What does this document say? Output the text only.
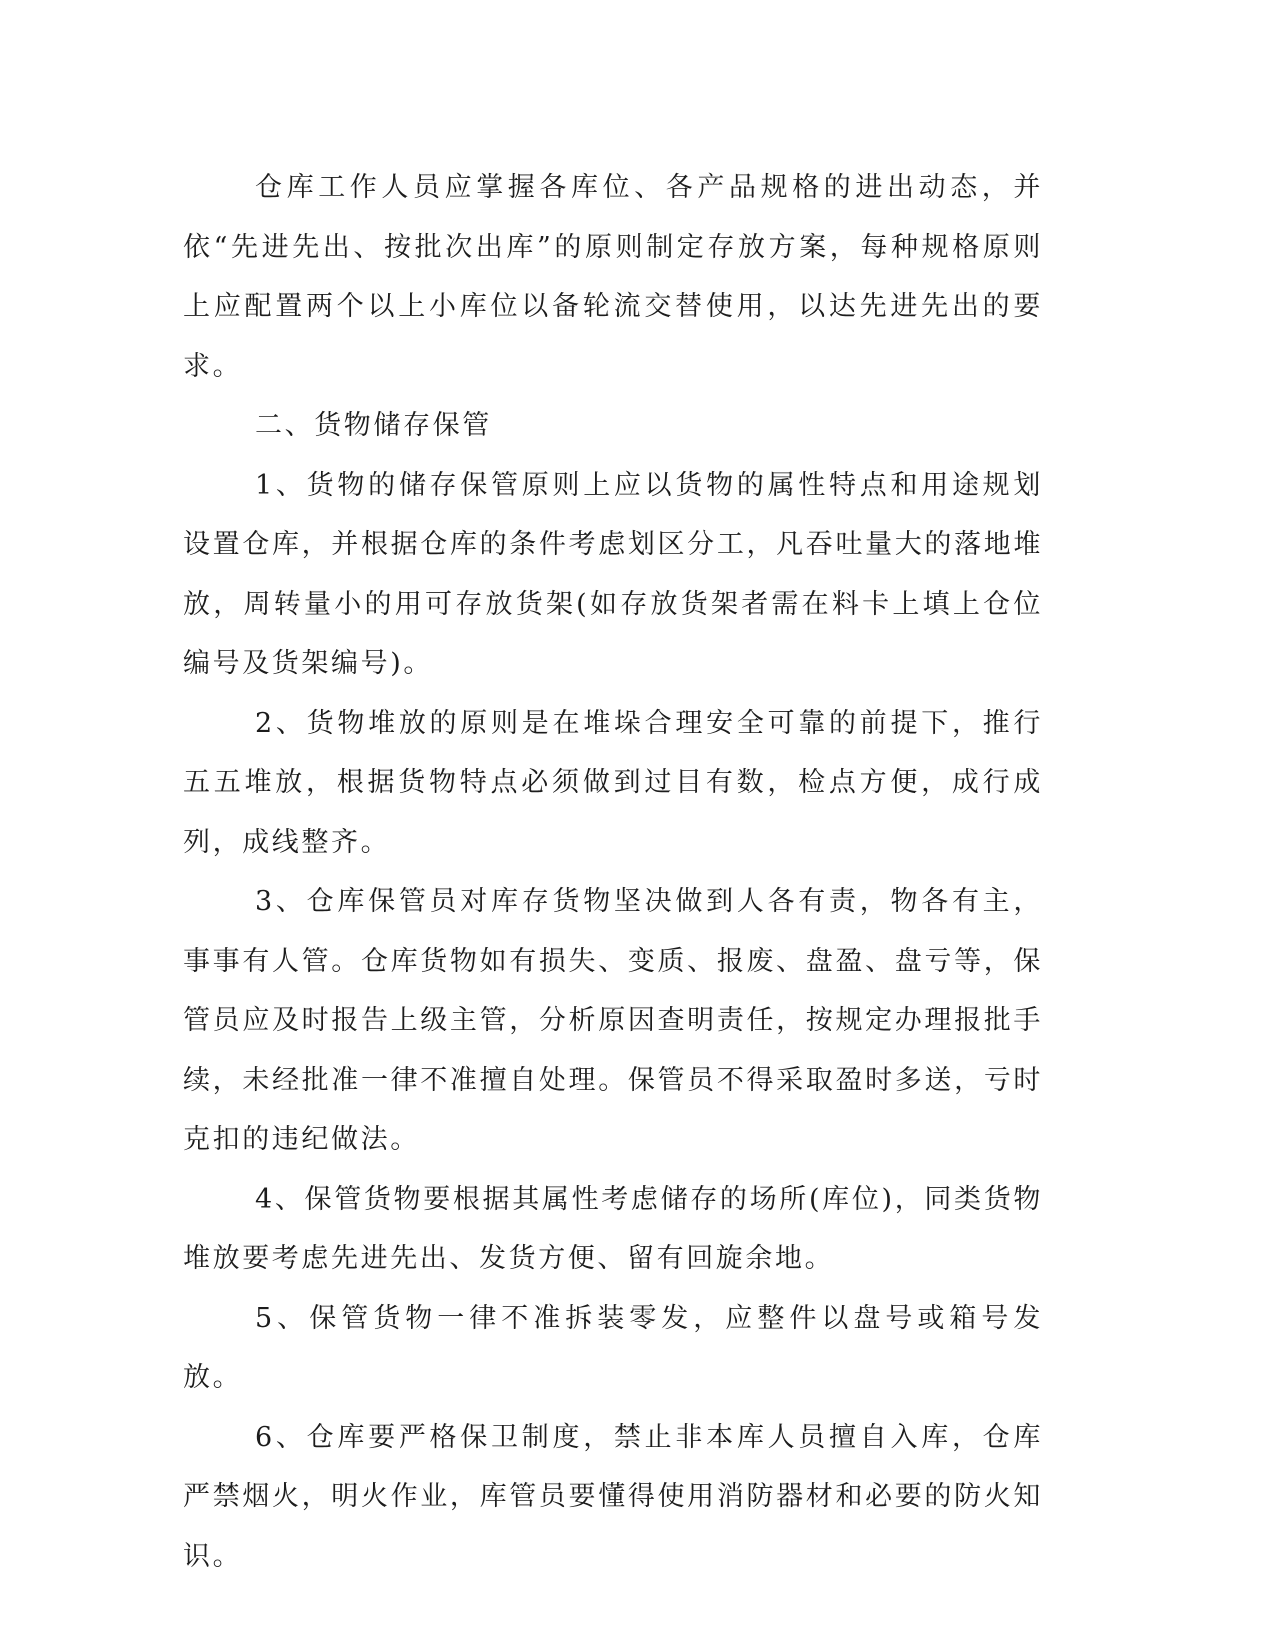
仓库工作人员应掌握各库位、各产品规格的进出动态，并依“先进先出、按批次出库”的原则制定存放方案，每种规格原则上应配置两个以上小库位以备轮流交替使用，以达先进先出的要求。

二、货物储存保管

1、货物的储存保管原则上应以货物的属性特点和用途规划设置仓库，并根据仓库的条件考虑划区分工，凡吞吐量大的落地堆放，周转量小的用可存放货架(如存放货架者需在料卡上填上仓位编号及货架编号)。

2、货物堆放的原则是在堆垛合理安全可靠的前提下，推行五五堆放，根据货物特点必须做到过目有数，检点方便，成行成列，成线整齐。

3、仓库保管员对库存货物坚决做到人各有责，物各有主，事事有人管。仓库货物如有损失、变质、报废、盘盈、盘亏等，保管员应及时报告上级主管，分析原因查明责任，按规定办理报批手续，未经批准一律不准擅自处理。保管员不得采取盈时多送，亏时克扣的违纪做法。

4、保管货物要根据其属性考虑储存的场所(库位)，同类货物堆放要考虑先进先出、发货方便、留有回旋余地。

5、保管货物一律不准拆装零发，应整件以盘号或箱号发放。

6、仓库要严格保卫制度，禁止非本库人员擅自入库，仓库严禁烟火，明火作业，库管员要懂得使用消防器材和必要的防火知识。
